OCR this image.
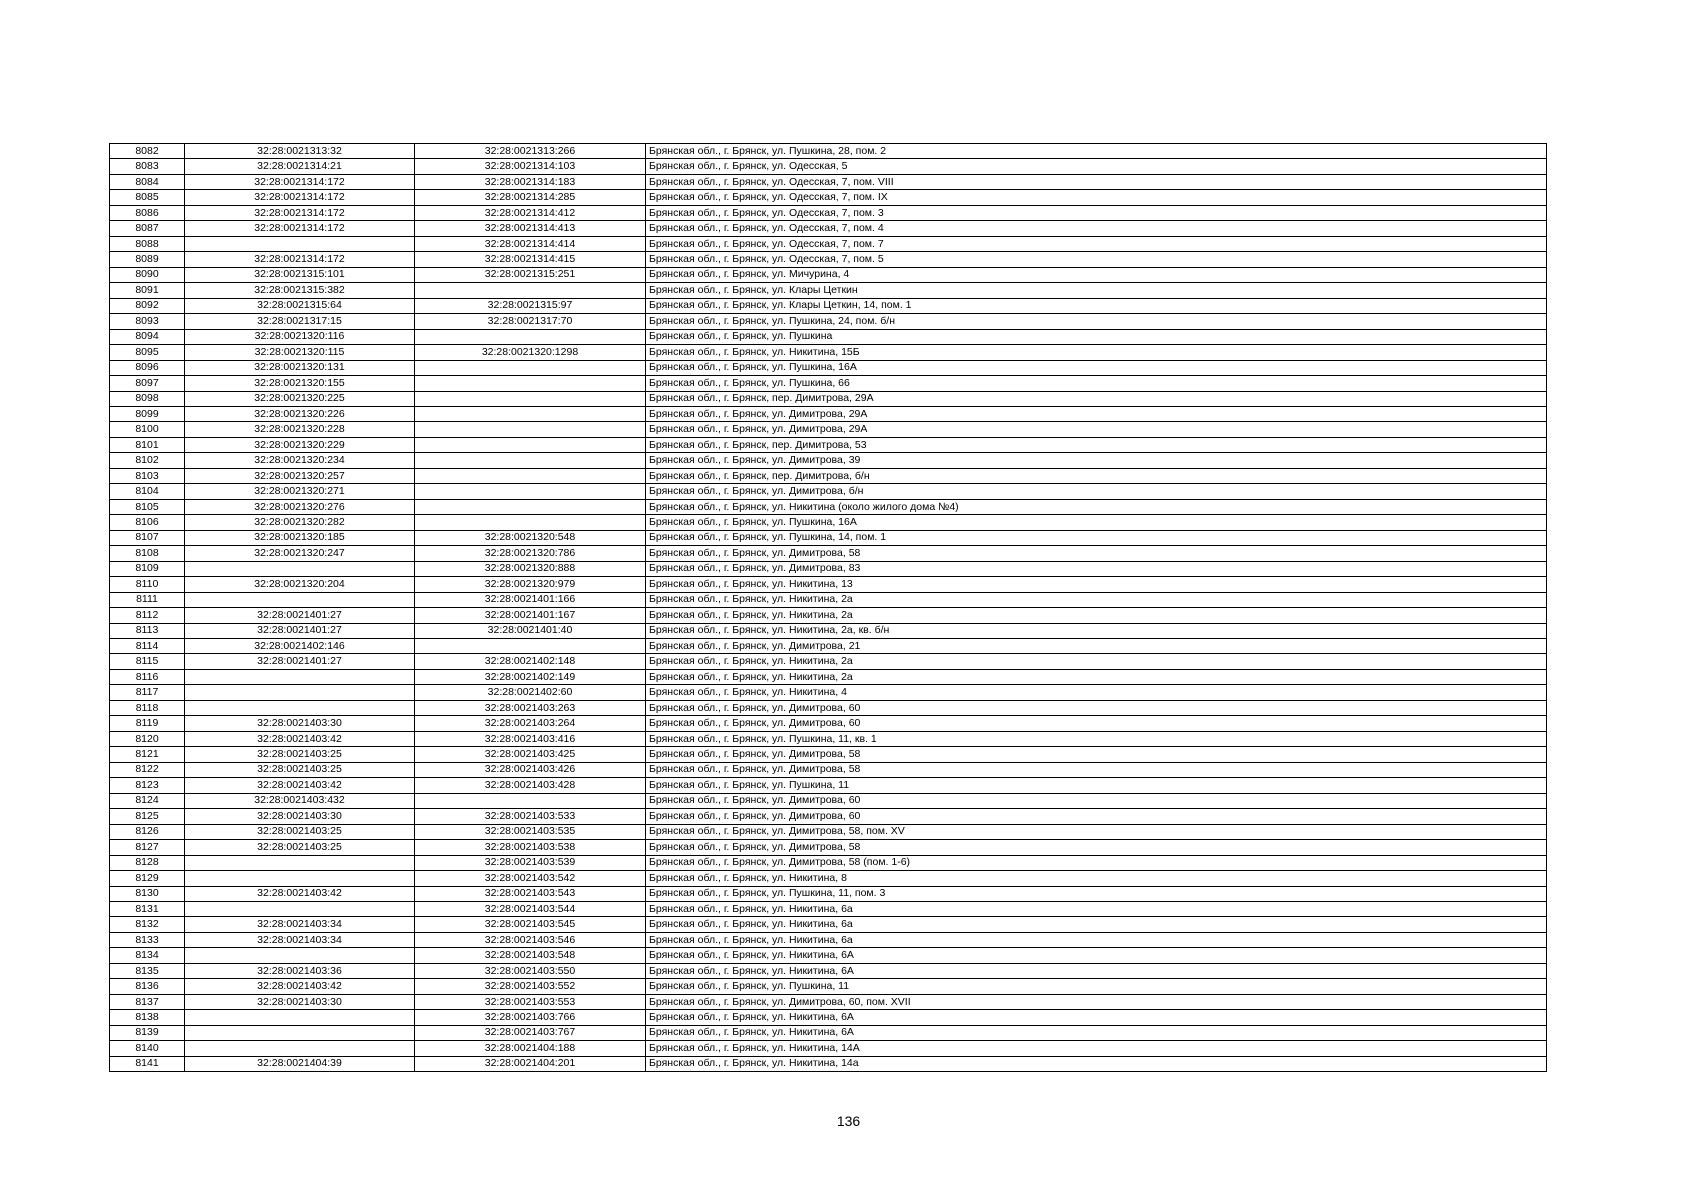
8082	32:28:0021313:32	32:28:0021313:266	Брянская обл., г. Брянск, ул. Пушкина, 28, пом. 2
8083	32:28:0021314:21	32:28:0021314:103	Брянская обл., г. Брянск, ул. Одесская, 5
8084	32:28:0021314:172	32:28:0021314:183	Брянская обл., г. Брянск, ул. Одесская, 7, пом. VIII
8085	32:28:0021314:172	32:28:0021314:285	Брянская обл., г. Брянск, ул. Одесская, 7, пом. IX
8086	32:28:0021314:172	32:28:0021314:412	Брянская обл., г. Брянск, ул. Одесская, 7, пом. 3
8087	32:28:0021314:172	32:28:0021314:413	Брянская обл., г. Брянск, ул. Одесская, 7, пом. 4
8088		32:28:0021314:414	Брянская обл., г. Брянск, ул. Одесская, 7, пом. 7
8089	32:28:0021314:172	32:28:0021314:415	Брянская обл., г. Брянск, ул. Одесская, 7, пом. 5
8090	32:28:0021315:101	32:28:0021315:251	Брянская обл., г. Брянск, ул. Мичурина, 4
8091	32:28:0021315:382		Брянская обл., г. Брянск, ул. Клары Цеткин
8092	32:28:0021315:64	32:28:0021315:97	Брянская обл., г. Брянск, ул. Клары Цеткин, 14, пом. 1
8093	32:28:0021317:15	32:28:0021317:70	Брянская обл., г. Брянск, ул. Пушкина, 24, пом. б/н
8094	32:28:0021320:116		Брянская обл., г. Брянск, ул. Пушкина
8095	32:28:0021320:115	32:28:0021320:1298	Брянская обл., г. Брянск, ул. Никитина, 15Б
8096	32:28:0021320:131		Брянская обл., г. Брянск, ул. Пушкина, 16А
8097	32:28:0021320:155		Брянская обл., г. Брянск, ул. Пушкина, 66
8098	32:28:0021320:225		Брянская обл., г. Брянск, пер. Димитрова, 29А
8099	32:28:0021320:226		Брянская обл., г. Брянск, ул. Димитрова, 29А
8100	32:28:0021320:228		Брянская обл., г. Брянск, ул. Димитрова, 29А
8101	32:28:0021320:229		Брянская обл., г. Брянск, пер. Димитрова, 53
8102	32:28:0021320:234		Брянская обл., г. Брянск, ул. Димитрова, 39
8103	32:28:0021320:257		Брянская обл., г. Брянск, пер. Димитрова, б/н
8104	32:28:0021320:271		Брянская обл., г. Брянск, ул. Димитрова, б/н
8105	32:28:0021320:276		Брянская обл., г. Брянск, ул. Никитина (около жилого дома №4)
8106	32:28:0021320:282		Брянская обл., г. Брянск, ул. Пушкина, 16А
8107	32:28:0021320:185	32:28:0021320:548	Брянская обл., г. Брянск, ул. Пушкина, 14, пом. 1
8108	32:28:0021320:247	32:28:0021320:786	Брянская обл., г. Брянск, ул. Димитрова, 58
8109		32:28:0021320:888	Брянская обл., г. Брянск, ул. Димитрова, 83
8110	32:28:0021320:204	32:28:0021320:979	Брянская обл., г. Брянск, ул. Никитина, 13
8111		32:28:0021401:166	Брянская обл., г. Брянск, ул. Никитина, 2а
8112	32:28:0021401:27	32:28:0021401:167	Брянская обл., г. Брянск, ул. Никитина, 2а
8113	32:28:0021401:27	32:28:0021401:40	Брянская обл., г. Брянск, ул. Никитина, 2а, кв. б/н
8114	32:28:0021402:146		Брянская обл., г. Брянск, ул. Димитрова, 21
8115	32:28:0021401:27	32:28:0021402:148	Брянская обл., г. Брянск, ул. Никитина, 2а
8116		32:28:0021402:149	Брянская обл., г. Брянск, ул. Никитина, 2а
8117		32:28:0021402:60	Брянская обл., г. Брянск, ул. Никитина, 4
8118		32:28:0021403:263	Брянская обл., г. Брянск, ул. Димитрова, 60
8119	32:28:0021403:30	32:28:0021403:264	Брянская обл., г. Брянск, ул. Димитрова, 60
8120	32:28:0021403:42	32:28:0021403:416	Брянская обл., г. Брянск, ул. Пушкина, 11, кв. 1
8121	32:28:0021403:25	32:28:0021403:425	Брянская обл., г. Брянск, ул. Димитрова, 58
8122	32:28:0021403:25	32:28:0021403:426	Брянская обл., г. Брянск, ул. Димитрова, 58
8123	32:28:0021403:42	32:28:0021403:428	Брянская обл., г. Брянск, ул. Пушкина, 11
8124	32:28:0021403:432		Брянская обл., г. Брянск, ул. Димитрова, 60
8125	32:28:0021403:30	32:28:0021403:533	Брянская обл., г. Брянск, ул. Димитрова, 60
8126	32:28:0021403:25	32:28:0021403:535	Брянская обл., г. Брянск, ул. Димитрова, 58, пом. XV
8127	32:28:0021403:25	32:28:0021403:538	Брянская обл., г. Брянск, ул. Димитрова, 58
8128		32:28:0021403:539	Брянская обл., г. Брянск, ул. Димитрова, 58 (пом. 1-6)
8129		32:28:0021403:542	Брянская обл., г. Брянск, ул. Никитина, 8
8130	32:28:0021403:42	32:28:0021403:543	Брянская обл., г. Брянск, ул. Пушкина, 11, пом. 3
8131		32:28:0021403:544	Брянская обл., г. Брянск, ул. Никитина, 6а
8132	32:28:0021403:34	32:28:0021403:545	Брянская обл., г. Брянск, ул. Никитина, 6а
8133	32:28:0021403:34	32:28:0021403:546	Брянская обл., г. Брянск, ул. Никитина, 6а
8134		32:28:0021403:548	Брянская обл., г. Брянск, ул. Никитина, 6А
8135	32:28:0021403:36	32:28:0021403:550	Брянская обл., г. Брянск, ул. Никитина, 6А
8136	32:28:0021403:42	32:28:0021403:552	Брянская обл., г. Брянск, ул. Пушкина, 11
8137	32:28:0021403:30	32:28:0021403:553	Брянская обл., г. Брянск, ул. Димитрова, 60, пом. XVII
8138		32:28:0021403:766	Брянская обл., г. Брянск, ул. Никитина, 6А
8139		32:28:0021403:767	Брянская обл., г. Брянск, ул. Никитина, 6А
8140		32:28:0021404:188	Брянская обл., г. Брянск, ул. Никитина, 14А
8141	32:28:0021404:39	32:28:0021404:201	Брянская обл., г. Брянск, ул. Никитина, 14а
136
